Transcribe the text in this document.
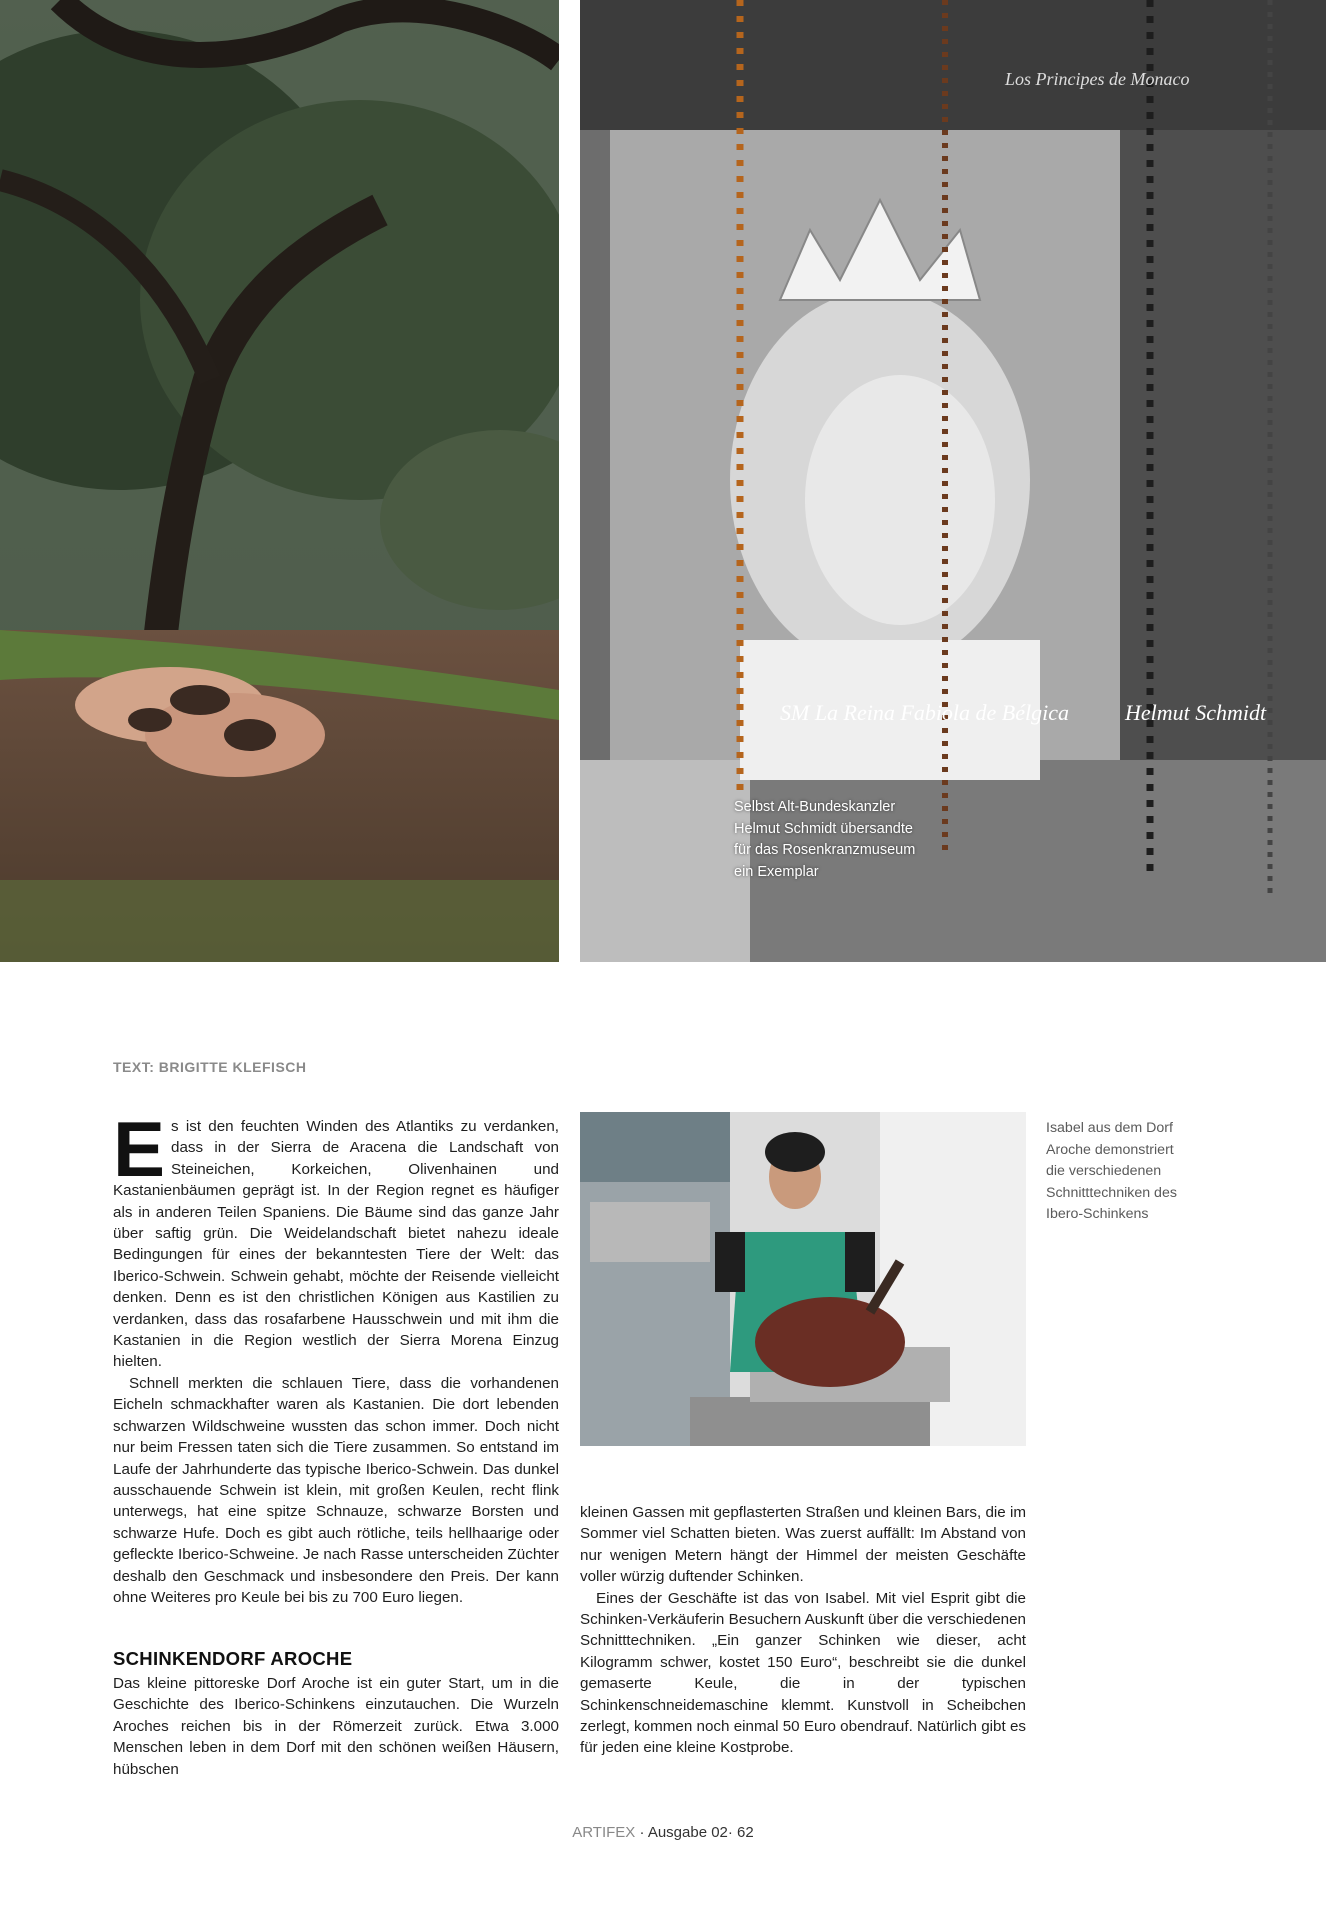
SM La Reina Fabiola de Bélgica	Helmut Schmidt
Los Principes de Monaco
Selbst Alt-Bundeskanzler
Helmut Schmidt übersandte
für das Rosenkranzmuseum
ein Exemplar
TEXT: BRIGITTE KLEFISCH

Es ist den feuchten Winden des Atlantiks zu verdanken, dass in der Sierra de Aracena die Landschaft von Steineichen, Korkeichen, Olivenhainen und Kastanienbäumen geprägt ist. In der Region regnet es häufiger als in anderen Teilen Spaniens. Die Bäume sind das ganze Jahr über saftig grün. Die Weidelandschaft bietet nahezu ideale Bedingungen für eines der bekanntesten Tiere der Welt: das Iberico-Schwein. Schwein gehabt, möchte der Reisende vielleicht denken. Denn es ist den christlichen Königen aus Kastilien zu verdanken, dass das rosafarbene Hausschwein und mit ihm die Kastanien in die Region westlich der Sierra Morena Einzug hielten.

Schnell merkten die schlauen Tiere, dass die vorhandenen Eicheln schmackhafter waren als Kastanien. Die dort lebenden schwarzen Wildschweine wussten das schon immer. Doch nicht nur beim Fressen taten sich die Tiere zusammen. So entstand im Laufe der Jahrhunderte das typische Iberico-Schwein. Das dunkel ausschauende Schwein ist klein, mit großen Keulen, recht flink unterwegs, hat eine spitze Schnauze, schwarze Borsten und schwarze Hufe. Doch es gibt auch rötliche, teils hellhaarige oder gefleckte Iberico-Schweine. Je nach Rasse unterscheiden Züchter deshalb den Geschmack und insbesondere den Preis. Der kann ohne Weiteres pro Keule bei bis zu 700 Euro liegen.

SCHINKENDORF AROCHE

Das kleine pittoreske Dorf Aroche ist ein guter Start, um in die Geschichte des Iberico-Schinkens einzutauchen. Die Wurzeln Aroches reichen bis in der Römerzeit zurück. Etwa 3.000 Menschen leben in dem Dorf mit den schönen weißen Häusern, hübschen

Isabel aus dem Dorf
Aroche demonstriert
die verschiedenen
Schnitttechniken des
Ibero-Schinkens

kleinen Gassen mit gepflasterten Straßen und kleinen Bars, die im Sommer viel Schatten bieten. Was zuerst auffällt: Im Abstand von nur wenigen Metern hängt der Himmel der meisten Geschäfte voller würzig duftender Schinken.

Eines der Geschäfte ist das von Isabel. Mit viel Esprit gibt die Schinken-Verkäuferin Besuchern Auskunft über die verschiedenen Schnitttechniken. „Ein ganzer Schinken wie dieser, acht Kilogramm schwer, kostet 150 Euro“, beschreibt sie die dunkel gemaserte Keule, die in der typischen Schinkenschneidemaschine klemmt. Kunstvoll in Scheibchen zerlegt, kommen noch einmal 50 Euro obendrauf. Natürlich gibt es für jeden eine kleine Kostprobe.

ARTIFEX · Ausgabe 02· 62
